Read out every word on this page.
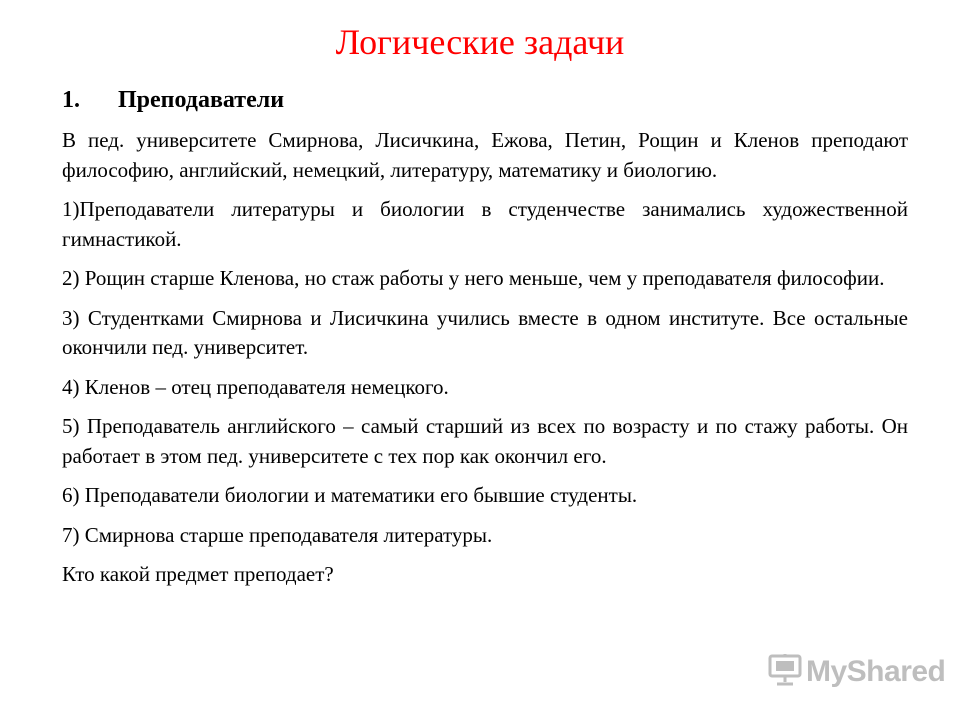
Логические задачи
1. Преподаватели

В пед. университете Смирнова, Лисичкина, Ежова, Петин, Рощин и Кленов преподают философию, английский, немецкий, литературу, математику и биологию.

1)Преподаватели литературы и биологии в студенчестве занимались художественной гимнастикой.

2) Рощин старше Кленова, но стаж работы у него меньше, чем у преподавателя философии.

3) Студентками Смирнова и Лисичкина учились вместе в одном институте. Все остальные окончили пед. университет.

4) Кленов – отец преподавателя немецкого.

5) Преподаватель английского – самый старший из всех по возрасту и по стажу работы. Он работает в этом пед. университете с тех пор как окончил его.

6) Преподаватели биологии и математики его бывшие студенты.

7) Смирнова старше преподавателя литературы.

Кто какой предмет преподает?

MyShared
